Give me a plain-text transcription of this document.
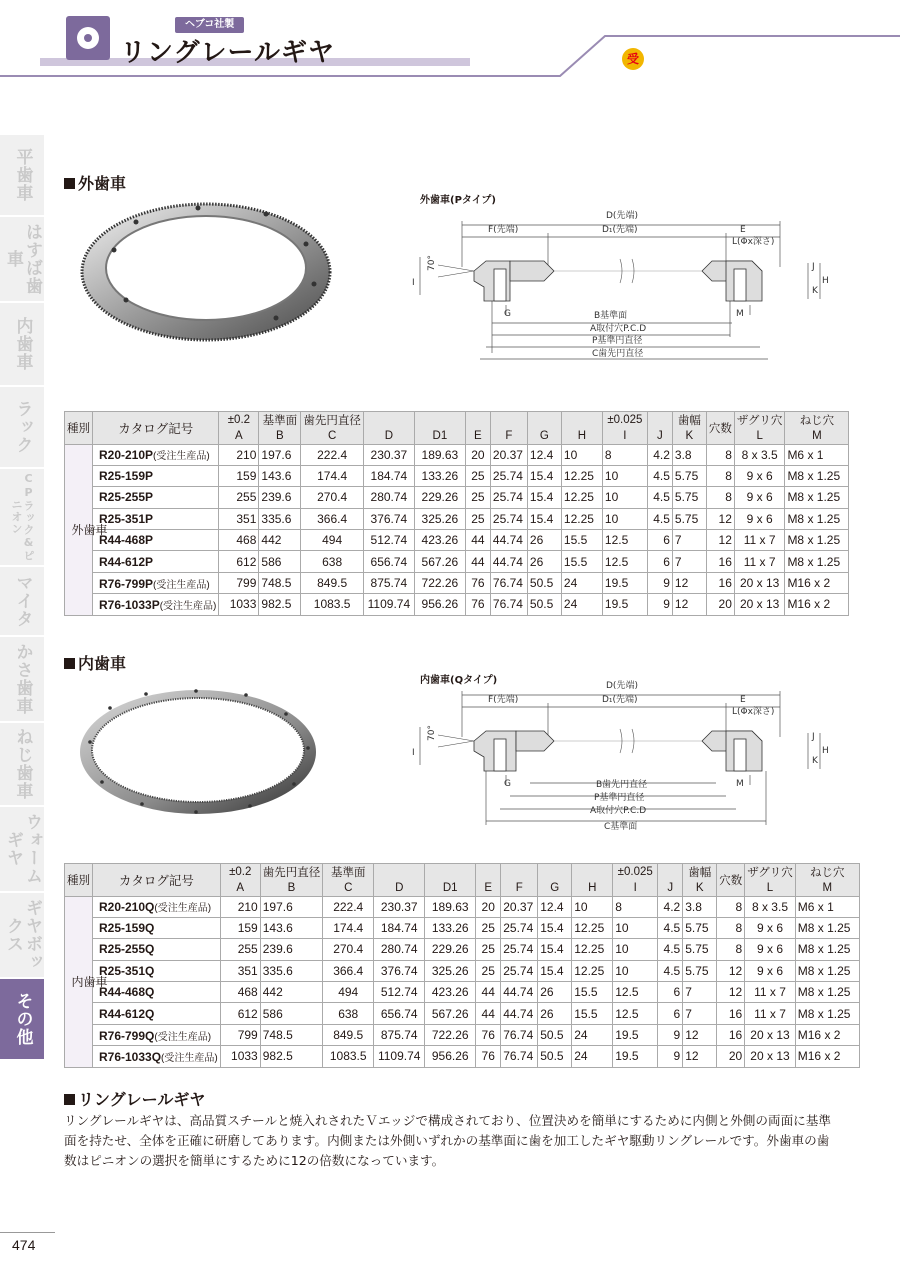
ヘブコ社製
リングレールギヤ	受
平歯車
はすば歯車
内歯車
ラック
CPラック&ピニオン
マイタ
かさ歯車
ねじ歯車
ウォームギヤ
ギヤボックス
その他
外歯車
外歯車(Pタイプ)
D(先端)
F(先端)	D₁(先端)	E
L(Φx深さ)
I
70°	J
K
H
G	M
B基準面
A取付穴P.C.D
P基準円直径
C歯先円直径
種別	カタログ記号	±0.2	基準面	歯先円直径							±0.025		歯幅	穴数	ザグリ穴	ねじ穴
		A	B	C	D	D1	E	F	G	H	I	J	K		L	M

外歯車	R20-210P(受注生産品)	210	197.6	222.4	230.37	189.63	20	20.37	12.4	10	8	4.2	3.8	8	8 x 3.5	M6 x 1
	R25-159P	159	143.6	174.4	184.74	133.26	25	25.74	15.4	12.25	10	4.5	5.75	8	9 x 6	M8 x 1.25
	R25-255P	255	239.6	270.4	280.74	229.26	25	25.74	15.4	12.25	10	4.5	5.75	8	9 x 6	M8 x 1.25
	R25-351P	351	335.6	366.4	376.74	325.26	25	25.74	15.4	12.25	10	4.5	5.75	12	9 x 6	M8 x 1.25
	R44-468P	468	442	494	512.74	423.26	44	44.74	26	15.5	12.5	6	7	12	11 x 7	M8 x 1.25
	R44-612P	612	586	638	656.74	567.26	44	44.74	26	15.5	12.5	6	7	16	11 x 7	M8 x 1.25
	R76-799P(受注生産品)	799	748.5	849.5	875.74	722.26	76	76.74	50.5	24	19.5	9	12	16	20 x 13	M16 x 2
	R76-1033P(受注生産品)	1033	982.5	1083.5	1109.74	956.26	76	76.74	50.5	24	19.5	9	12	20	20 x 13	M16 x 2
内歯車
内歯車(Qタイプ)	D(先端)
F(先端)	D₁(先端)	E
L(Φx深さ)
I
70°	J
K
H
G	M
B歯先円直径
P基準円直径
A取付穴P.C.D
C基準面
種別	カタログ記号	±0.2	歯先円直径	基準面							±0.025		歯幅	穴数	ザグリ穴	ねじ穴
		A	B	C	D	D1	E	F	G	H	I	J	K		L	M

内歯車	R20-210Q(受注生産品)	210	197.6	222.4	230.37	189.63	20	20.37	12.4	10	8	4.2	3.8	8	8 x 3.5	M6 x 1
	R25-159Q	159	143.6	174.4	184.74	133.26	25	25.74	15.4	12.25	10	4.5	5.75	8	9 x 6	M8 x 1.25
	R25-255Q	255	239.6	270.4	280.74	229.26	25	25.74	15.4	12.25	10	4.5	5.75	8	9 x 6	M8 x 1.25
	R25-351Q	351	335.6	366.4	376.74	325.26	25	25.74	15.4	12.25	10	4.5	5.75	12	9 x 6	M8 x 1.25
	R44-468Q	468	442	494	512.74	423.26	44	44.74	26	15.5	12.5	6	7	12	11 x 7	M8 x 1.25
	R44-612Q	612	586	638	656.74	567.26	44	44.74	26	15.5	12.5	6	7	16	11 x 7	M8 x 1.25
	R76-799Q(受注生産品)	799	748.5	849.5	875.74	722.26	76	76.74	50.5	24	19.5	9	12	16	20 x 13	M16 x 2
	R76-1033Q(受注生産品)	1033	982.5	1083.5	1109.74	956.26	76	76.74	50.5	24	19.5	9	12	20	20 x 13	M16 x 2
リングレールギヤ
リングレールギヤは、高品質スチールと焼入れされたＶエッジで構成されており、位置決めを簡単にするために内側と外側の両面に基準面を持たせ、全体を正確に研磨してあります。内側または外側いずれかの基準面に歯を加工したギヤ駆動リングレールです。外歯車の歯数はピニオンの選択を簡単にするために12の倍数になっています。
474
